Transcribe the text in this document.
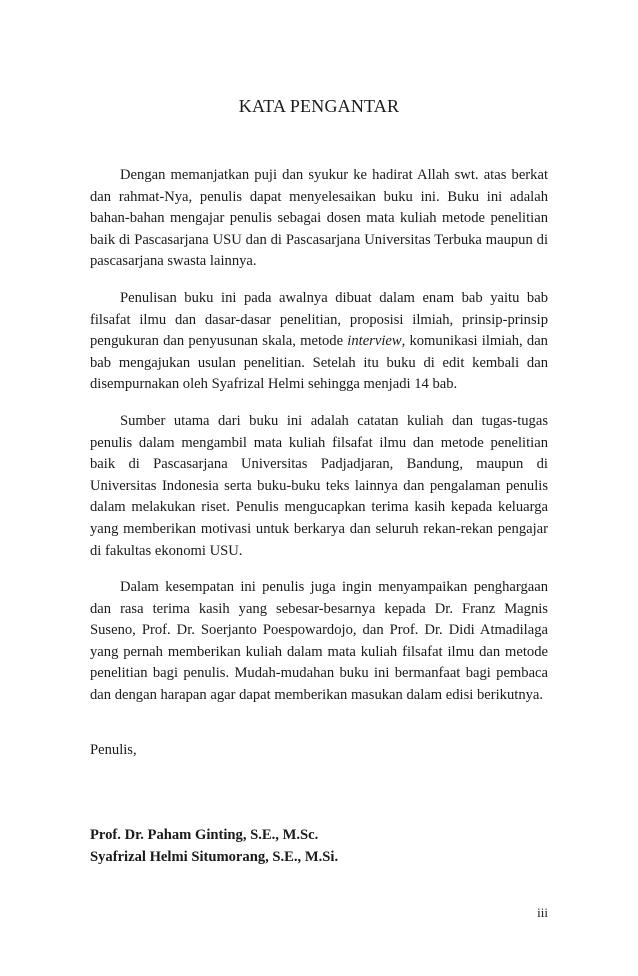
KATA PENGANTAR

Dengan memanjatkan puji dan syukur ke hadirat Allah swt. atas berkat dan rahmat-Nya, penulis dapat menyelesaikan buku ini. Buku ini adalah bahan-bahan mengajar penulis sebagai dosen mata kuliah metode penelitian baik di Pascasarjana USU dan di Pascasarjana Universitas Terbuka maupun di pascasarjana swasta lainnya.

Penulisan buku ini pada awalnya dibuat dalam enam bab yaitu bab filsafat ilmu dan dasar-dasar penelitian, proposisi ilmiah, prinsip-prinsip pengukuran dan penyusunan skala, metode interview, komunikasi ilmiah, dan bab mengajukan usulan penelitian. Setelah itu buku di edit kembali dan disempurnakan oleh Syafrizal Helmi sehingga menjadi 14 bab.

Sumber utama dari buku ini adalah catatan kuliah dan tugas-tugas penulis dalam mengambil mata kuliah filsafat ilmu dan metode penelitian baik di Pascasarjana Universitas Padjadjaran, Bandung, maupun di Universitas Indonesia serta buku-buku teks lainnya dan pengalaman penulis dalam melakukan riset. Penulis mengucapkan terima kasih kepada keluarga yang memberikan motivasi untuk berkarya dan seluruh rekan-rekan pengajar di fakultas ekonomi USU.

Dalam kesempatan ini penulis juga ingin menyampaikan penghargaan dan rasa terima kasih yang sebesar-besarnya kepada Dr. Franz Magnis Suseno, Prof. Dr. Soerjanto Poespowardojo, dan Prof. Dr. Didi Atmadilaga yang pernah memberikan kuliah dalam mata kuliah filsafat ilmu dan metode penelitian bagi penulis. Mudah-mudahan buku ini bermanfaat bagi pembaca dan dengan harapan agar dapat memberikan masukan dalam edisi berikutnya.

Penulis,

Prof. Dr. Paham Ginting, S.E., M.Sc.
Syafrizal Helmi Situmorang, S.E., M.Si.
iii
